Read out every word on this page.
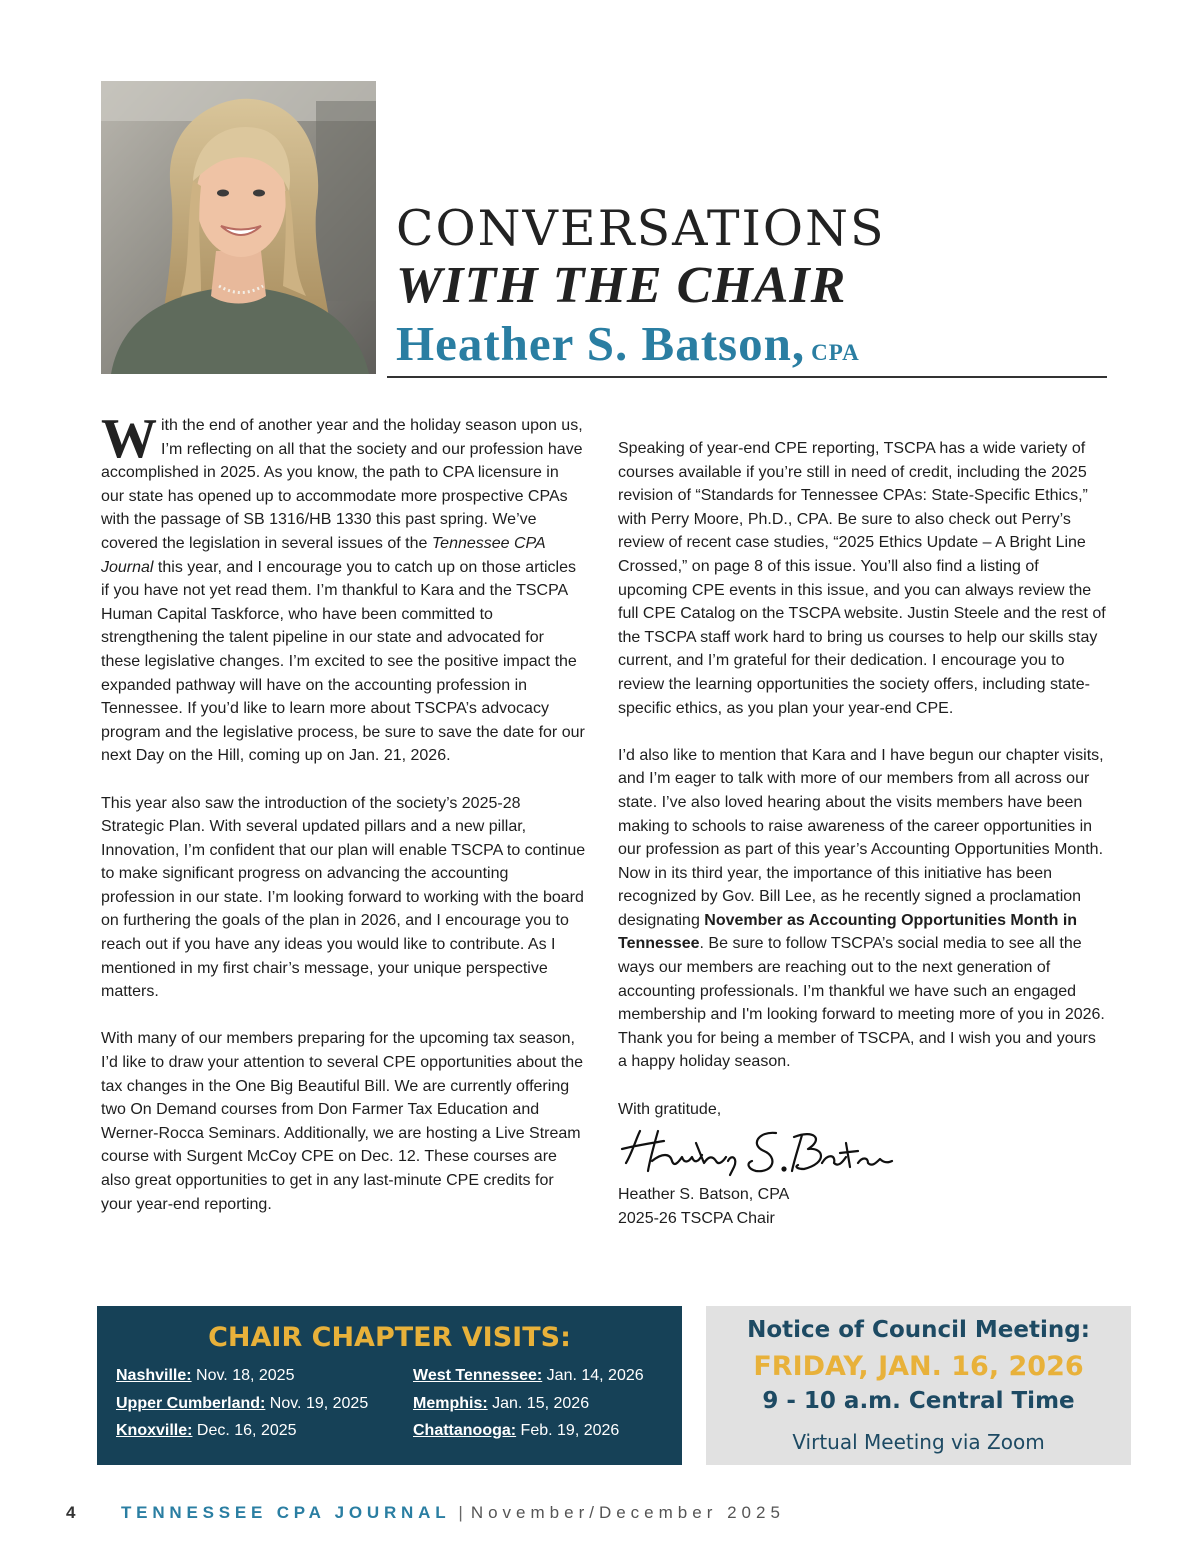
CONVERSATIONS
WITH THE CHAIR
Heather S. Batson, CPA

With the end of another year and the holiday season upon us, I’m reflecting on all that the society and our profession have accomplished in 2025. As you know, the path to CPA licensure in our state has opened up to accommodate more prospective CPAs with the passage of SB 1316/HB 1330 this past spring. We’ve covered the legislation in several issues of the Tennessee CPA Journal this year, and I encourage you to catch up on those articles if you have not yet read them. I’m thankful to Kara and the TSCPA Human Capital Taskforce, who have been committed to strengthening the talent pipeline in our state and advocated for these legislative changes. I’m excited to see the positive impact the expanded pathway will have on the accounting profession in Tennessee. If you’d like to learn more about TSCPA’s advocacy program and the legislative process, be sure to save the date for our next Day on the Hill, coming up on Jan. 21, 2026.

This year also saw the introduction of the society’s 2025-28 Strategic Plan. With several updated pillars and a new pillar, Innovation, I’m confident that our plan will enable TSCPA to continue to make significant progress on advancing the accounting profession in our state. I’m looking forward to working with the board on furthering the goals of the plan in 2026, and I encourage you to reach out if you have any ideas you would like to contribute. As I mentioned in my first chair’s message, your unique perspective matters.

With many of our members preparing for the upcoming tax season, I’d like to draw your attention to several CPE opportunities about the tax changes in the One Big Beautiful Bill. We are currently offering two On Demand courses from Don Farmer Tax Education and Werner-Rocca Seminars. Additionally, we are hosting a Live Stream course with Surgent McCoy CPE on Dec. 12. These courses are also great opportunities to get in any last-minute CPE credits for your year-end reporting.

Speaking of year-end CPE reporting, TSCPA has a wide variety of courses available if you’re still in need of credit, including the 2025 revision of “Standards for Tennessee CPAs: State-Specific Ethics,” with Perry Moore, Ph.D., CPA. Be sure to also check out Perry’s review of recent case studies, “2025 Ethics Update – A Bright Line Crossed,” on page 8 of this issue. You’ll also find a listing of upcoming CPE events in this issue, and you can always review the full CPE Catalog on the TSCPA website. Justin Steele and the rest of the TSCPA staff work hard to bring us courses to help our skills stay current, and I’m grateful for their dedication. I encourage you to review the learning opportunities the society offers, including state-specific ethics, as you plan your year-end CPE.

I’d also like to mention that Kara and I have begun our chapter visits, and I’m eager to talk with more of our members from all across our state. I’ve also loved hearing about the visits members have been making to schools to raise awareness of the career opportunities in our profession as part of this year’s Accounting Opportunities Month. Now in its third year, the importance of this initiative has been recognized by Gov. Bill Lee, as he recently signed a proclamation designating November as Accounting Opportunities Month in Tennessee. Be sure to follow TSCPA’s social media to see all the ways our members are reaching out to the next generation of accounting professionals. I’m thankful we have such an engaged membership and I'm looking forward to meeting more of you in 2026. Thank you for being a member of TSCPA, and I wish you and yours a happy holiday season.

With gratitude,
Heather S. Batson, CPA
2025-26 TSCPA Chair
CHAIR CHAPTER VISITS:
Nashville: Nov. 18, 2025
Upper Cumberland: Nov. 19, 2025
Knoxville: Dec. 16, 2025
West Tennessee: Jan. 14, 2026
Memphis: Jan. 15, 2026
Chattanooga: Feb. 19, 2026
Notice of Council Meeting:
FRIDAY, JAN. 16, 2026
9 - 10 a.m. Central Time
Virtual Meeting via Zoom
4	TENNESSEE CPA JOURNAL | November/December 2025
